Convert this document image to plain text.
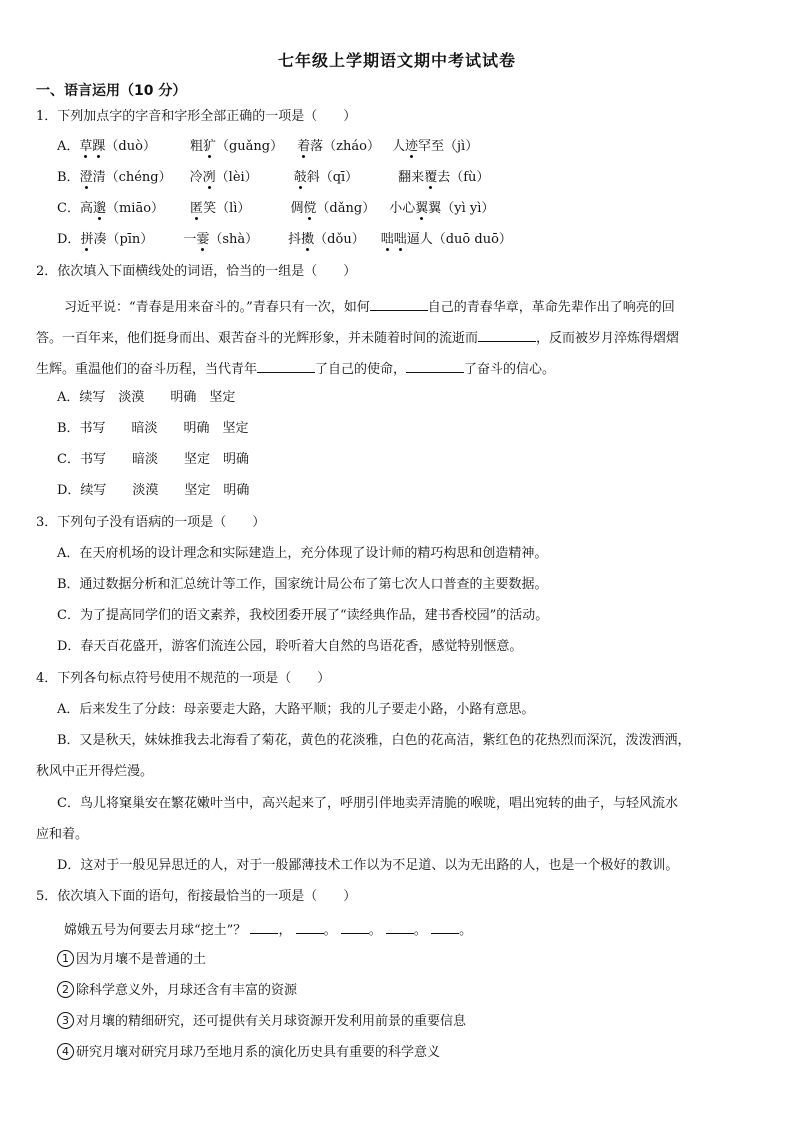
七年级上学期语文期中考试试卷
一、语言运用（10 分）
1．下列加点字的字音和字形全部正确的一项是（　　）
A．草踝（duò）	粗犷（guǎng） 着落（zháo） 人迹罕至（jì）
B．澄清（chéng） 冷冽（lèi）	攲斜（qī）	翻来覆去（fù）
C．高邈（miāo） 匿笑（lì）	倜傥（dǎng） 小心翼翼（yì yì）
D．拼凑（pīn） 一霎（shà） 抖擞（dǒu） 咄咄逼人（duō duō）
2．依次填入下面横线处的词语，恰当的一组是（　　）
习近平说：“青春是用来奋斗的。”青春只有一次，如何	自己的青春华章，革命先辈作出了响亮的回
答。一百年来，他们挺身而出、艰苦奋斗的光辉形象，并未随着时间的流逝而	，反而被岁月淬炼得熠熠
生辉。重温他们的奋斗历程，当代青年	了自己的使命，	了奋斗的信心。
A．续写　淡漠　　明确　坚定
B．书写　　暗淡　　明确　坚定
C．书写　　暗淡　　坚定　明确
D．续写　　淡漠　　坚定　明确
3．下列句子没有语病的一项是（　　）
A．在天府机场的设计理念和实际建造上，充分体现了设计师的精巧构思和创造精神。
B．通过数据分析和汇总统计等工作，国家统计局公布了第七次人口普查的主要数据。
C．为了提高同学们的语文素养，我校团委开展了“读经典作品，建书香校园”的活动。
D．春天百花盛开，游客们流连公园，聆听着大自然的鸟语花香，感觉特别惬意。
4．下列各句标点符号使用不规范的一项是（　　）
A．后来发生了分歧：母亲要走大路，大路平顺；我的儿子要走小路，小路有意思。
B．又是秋天，妹妹推我去北海看了菊花，黄色的花淡雅，白色的花高洁，紫红色的花热烈而深沉，泼泼洒洒，
秋风中正开得烂漫。
C．鸟儿将窠巢安在繁花嫩叶当中，高兴起来了，呼朋引伴地卖弄清脆的喉咙，唱出宛转的曲子，与轻风流水
应和着。
D．这对于一般见异思迁的人，对于一般鄙薄技术工作以为不足道、以为无出路的人，也是一个极好的教训。
5．依次填入下面的语句，衔接最恰当的一项是（　　）
嫦娥五号为何要去月球“挖土”？ ， 。 。 。 。
1 因为月壤不是普通的土
2 除科学意义外，月球还含有丰富的资源
3 对月壤的精细研究，还可提供有关月球资源开发利用前景的重要信息
4 研究月壤对研究月球乃至地月系的演化历史具有重要的科学意义
